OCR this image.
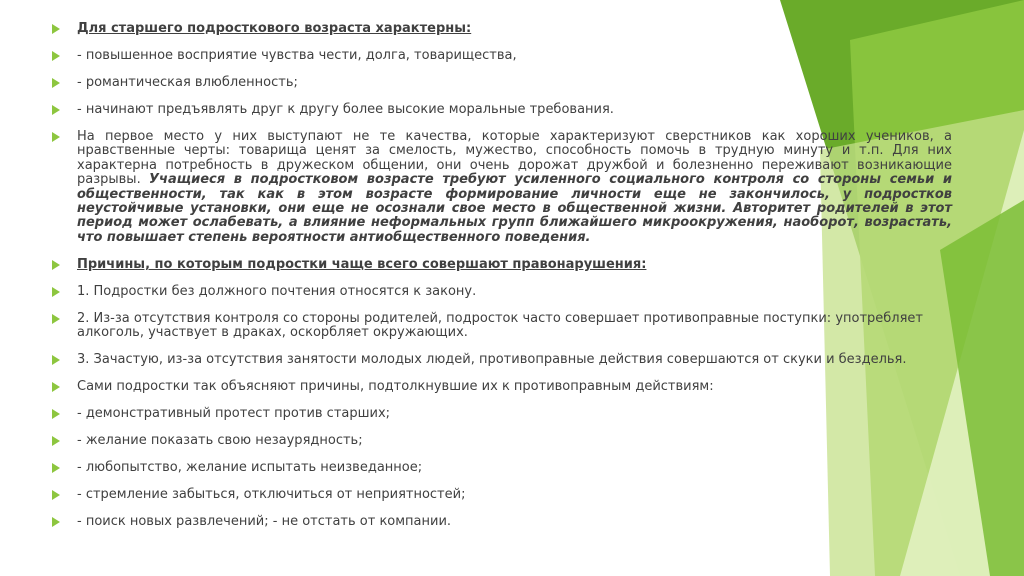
Для старшего подросткового возраста характерны:
- повышенное восприятие чувства чести, долга, товарищества,
- романтическая влюбленность;
- начинают предъявлять друг к другу более высокие моральные требования.
На первое место у них выступают не те качества, которые характеризуют сверстников как хороших учеников, а нравственные черты: товарища ценят за смелость, мужество, способность помочь в трудную минуту и т.п. Для них характерна потребность в дружеском общении, они очень дорожат дружбой и болезненно переживают возникающие разрывы. Учащиеся в подростковом возрасте требуют усиленного социального контроля со стороны семьи и общественности, так как в этом возрасте формирование личности еще не закончилось, у подростков неустойчивые установки, они еще не осознали свое место в общественной жизни. Авторитет родителей в этот период может ослабевать, а влияние неформальных групп ближайшего микроокружения, наоборот, возрастать, что повышает степень вероятности антиобщественного поведения.
Причины, по которым подростки чаще всего совершают правонарушения:
1. Подростки без должного почтения относятся к закону.
2. Из-за отсутствия контроля со стороны родителей, подросток часто совершает противоправные поступки: употребляет алкоголь, участвует в драках, оскорбляет окружающих.
3. Зачастую, из-за отсутствия занятости молодых людей, противоправные действия совершаются от скуки и безделья.
Сами подростки так объясняют причины, подтолкнувшие их к противоправным действиям:
- демонстративный протест против старших;
- желание показать свою незаурядность;
- любопытство, желание испытать неизведанное;
- стремление забыться, отключиться от неприятностей;
- поиск новых развлечений; - не отстать от компании.
